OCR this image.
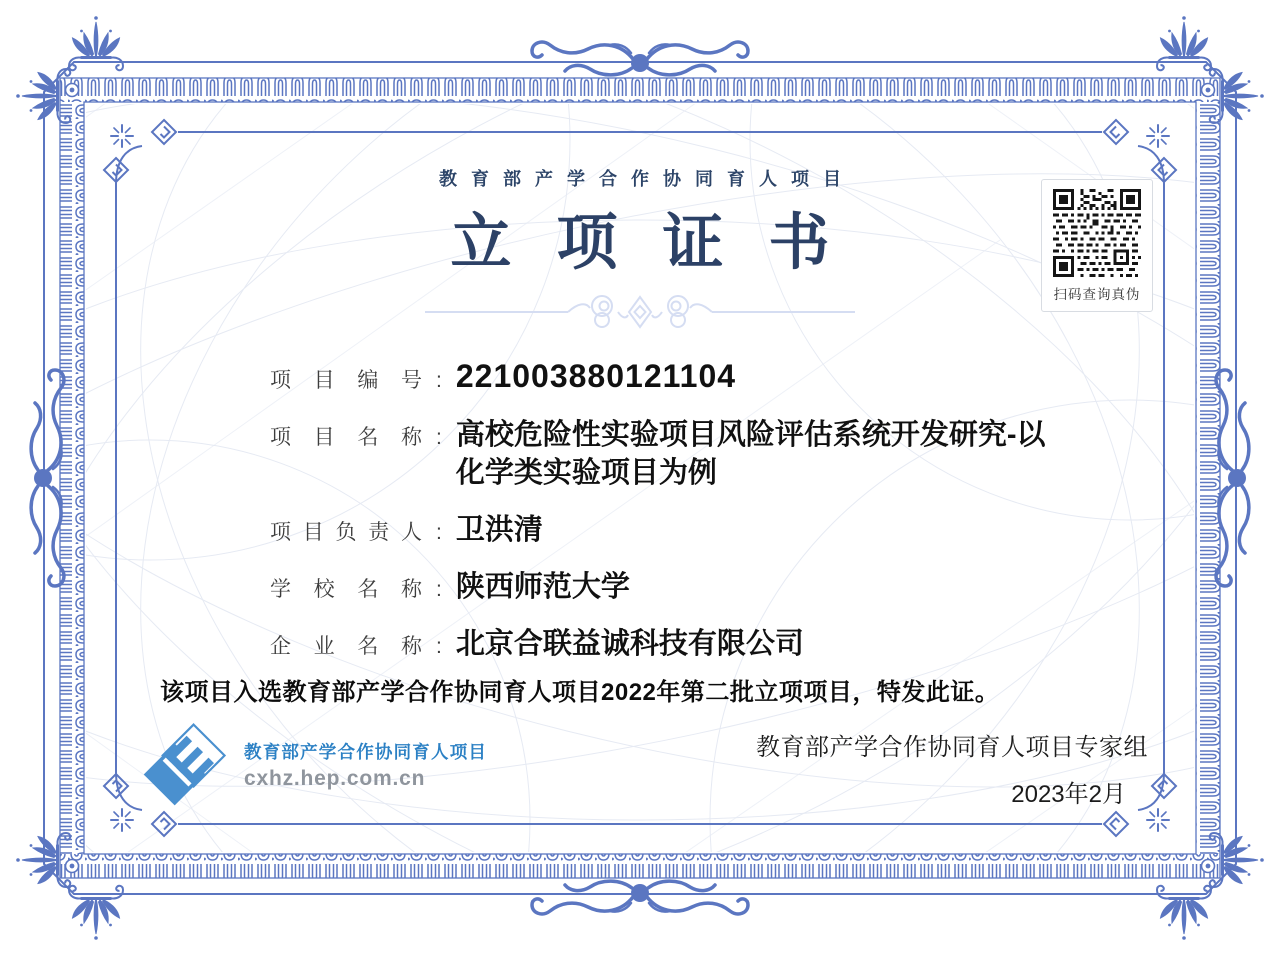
教育部产学合作协同育人项目
立项证书
扫码查询真伪
项目编号 : 221003880121104
项目名称 : 高校危险性实验项目风险评估系统开发研究-以化学类实验项目为例
项目负责人 : 卫洪清
学校名称 : 陕西师范大学
企业名称 : 北京合联益诚科技有限公司
该项目入选教育部产学合作协同育人项目2022年第二批立项项目，特发此证。
教育部产学合作协同育人项目
cxhz.hep.com.cn
教育部产学合作协同育人项目专家组
2023年2月
